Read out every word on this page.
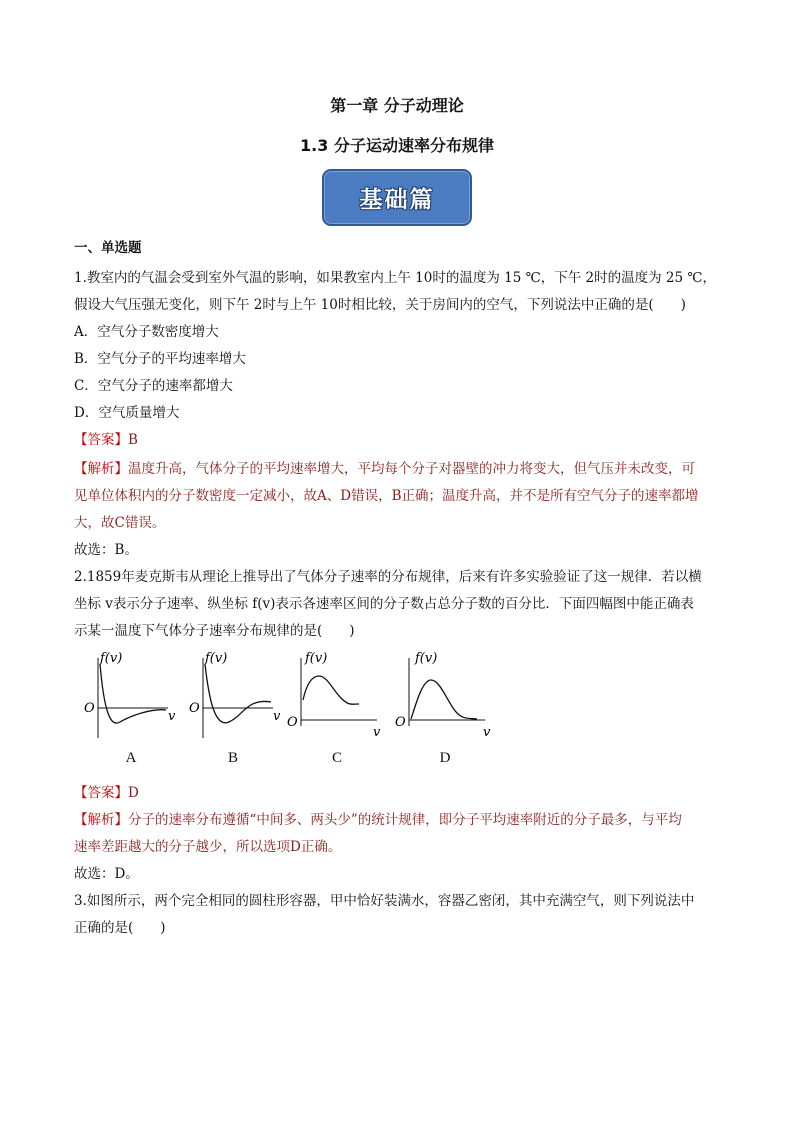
第一章 分子动理论
1.3 分子运动速率分布规律
基础篇
一、单选题
1.教室内的气温会受到室外气温的影响，如果教室内上午 10时的温度为 15 ℃，下午 2时的温度为 25 ℃，
假设大气压强无变化，则下午 2时与上午 10时相比较，关于房间内的空气，下列说法中正确的是(　　)
A．空气分子数密度增大
B．空气分子的平均速率增大
C．空气分子的速率都增大
D．空气质量增大
【答案】B
【解析】温度升高，气体分子的平均速率增大，平均每个分子对器壁的冲力将变大，但气压并未改变，可
见单位体积内的分子数密度一定减小，故A、D错误，B正确；温度升高，并不是所有空气分子的速率都增
大，故C错误。
故选：B。
2.1859年麦克斯韦从理论上推导出了气体分子速率的分布规律，后来有许多实验验证了这一规律．若以横
坐标 v表示分子速率、纵坐标 f(v)表示各速率区间的分子数占总分子数的百分比．下面四幅图中能正确表
示某一温度下气体分子速率分布规律的是(　　)
f(v)
O
v
f(v)
O
v
f(v)
O
v
f(v)
O
v
A	B	C	D
【答案】D
【解析】分子的速率分布遵循“中间多、两头少”的统计规律，即分子平均速率附近的分子最多，与平均
速率差距越大的分子越少，所以选项D正确。
故选：D。
3.如图所示，两个完全相同的圆柱形容器，甲中恰好装满水，容器乙密闭，其中充满空气，则下列说法中
正确的是(　　)
